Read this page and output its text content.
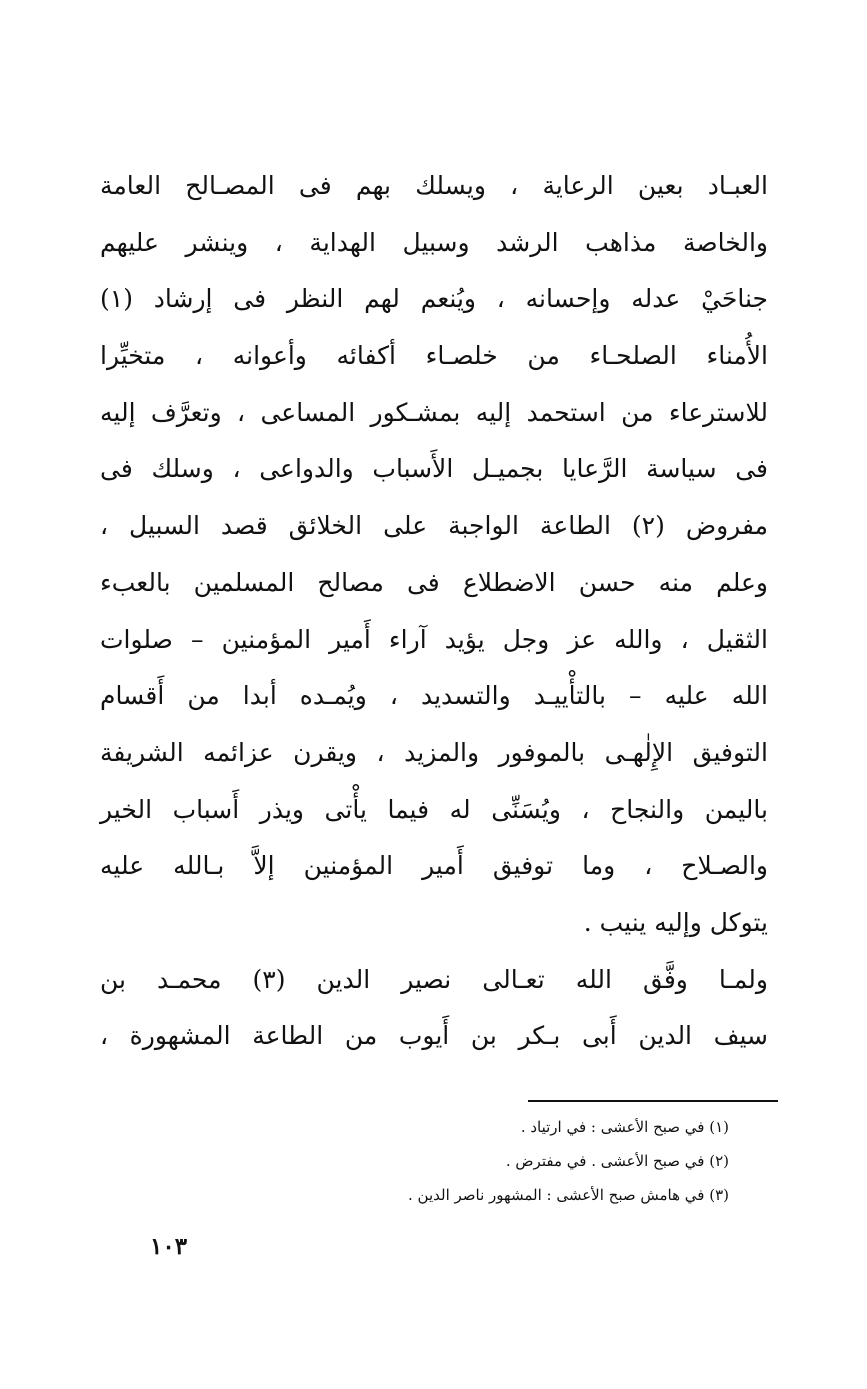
العبـاد بعين الرعاية ، ويسلك بهم فى المصـالح العامة
والخاصة مذاهب الرشد وسبيل الهداية ، وينشر عليهم
جناحَيْ عدله وإحسانه ، ويُنعم لهم النظر فى إرشاد (١)
الأُمناء الصلحـاء من خلصـاء أكفائه وأعوانه ، متخيِّرا
للاسترعاء من استحمد إليه بمشـكور المساعى ، وتعرَّف إليه
فى سياسة الرَّعايا بجميـل الأَسباب والدواعى ، وسلك فى
مفروض (٢) الطاعة الواجبة على الخلائق قصد السبيل ،
وعلم منه حسن الاضطلاع فى مصالح المسلمين بالعبء
الثقيل ، والله عز وجل يؤيد آراء أَمير المؤمنين – صلوات
الله عليه – بالتأْييـد والتسديد ، ويُمـده أبدا من أَقسام
التوفيق الإِلٰهـى بالموفور والمزيد ، ويقرن عزائمه الشريفة
باليمن والنجاح ، ويُسَنِّى له فيما يأْتى ويذر أَسباب الخير
والصـلاح ، وما توفيق أَمير المؤمنين إلاَّ بـالله عليه
يتوكل وإليه ينيب .
ولمـا وفَّق الله تعـالى نصير الدين (٣) محمـد بن
سيف الدين أَبى بـكر بن أَيوب من الطاعة المشهورة ،
(١) في صبح الأعشى : في ارتياد .
(٢) في صبح الأعشى . في مفترض .
(٣) في هامش صبح الأعشى : المشهور ناصر الدين .
١٠٣
